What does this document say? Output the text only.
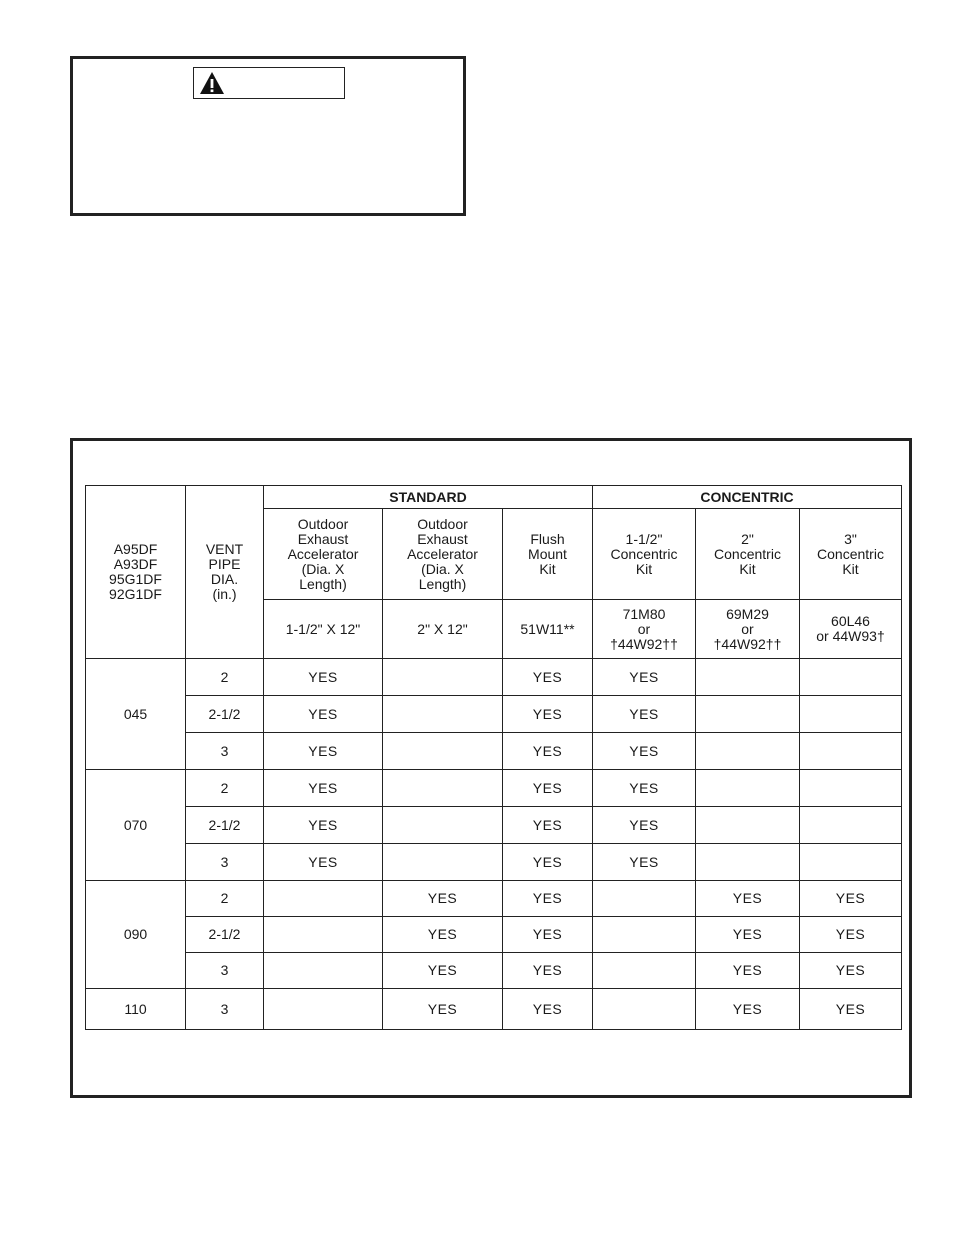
A95DF
A93DF
95G1DF
92G1DF	VENT
PIPE
DIA.
(in.)	STANDARD			CONCENTRIC		
		Outdoor
Exhaust
Accelerator
(Dia. X
Length)	Outdoor
Exhaust
Accelerator
(Dia. X
Length)	Flush
Mount
Kit	1-1/2"
Concentric
Kit	2"
Concentric
Kit	3"
Concentric
Kit
		1-1/2" X 12"	2" X 12"	51W11**	71M80
or
†44W92††	69M29
or
†44W92††	60L46
or 44W93†
045	2	YES		YES	YES		
	2-1/2	YES		YES	YES		
	3	YES		YES	YES		
070	2	YES		YES	YES		
	2-1/2	YES		YES	YES		
	3	YES		YES	YES		
090	2		YES	YES		YES	YES
	2-1/2		YES	YES		YES	YES
	3		YES	YES		YES	YES
110	3		YES	YES		YES	YES
